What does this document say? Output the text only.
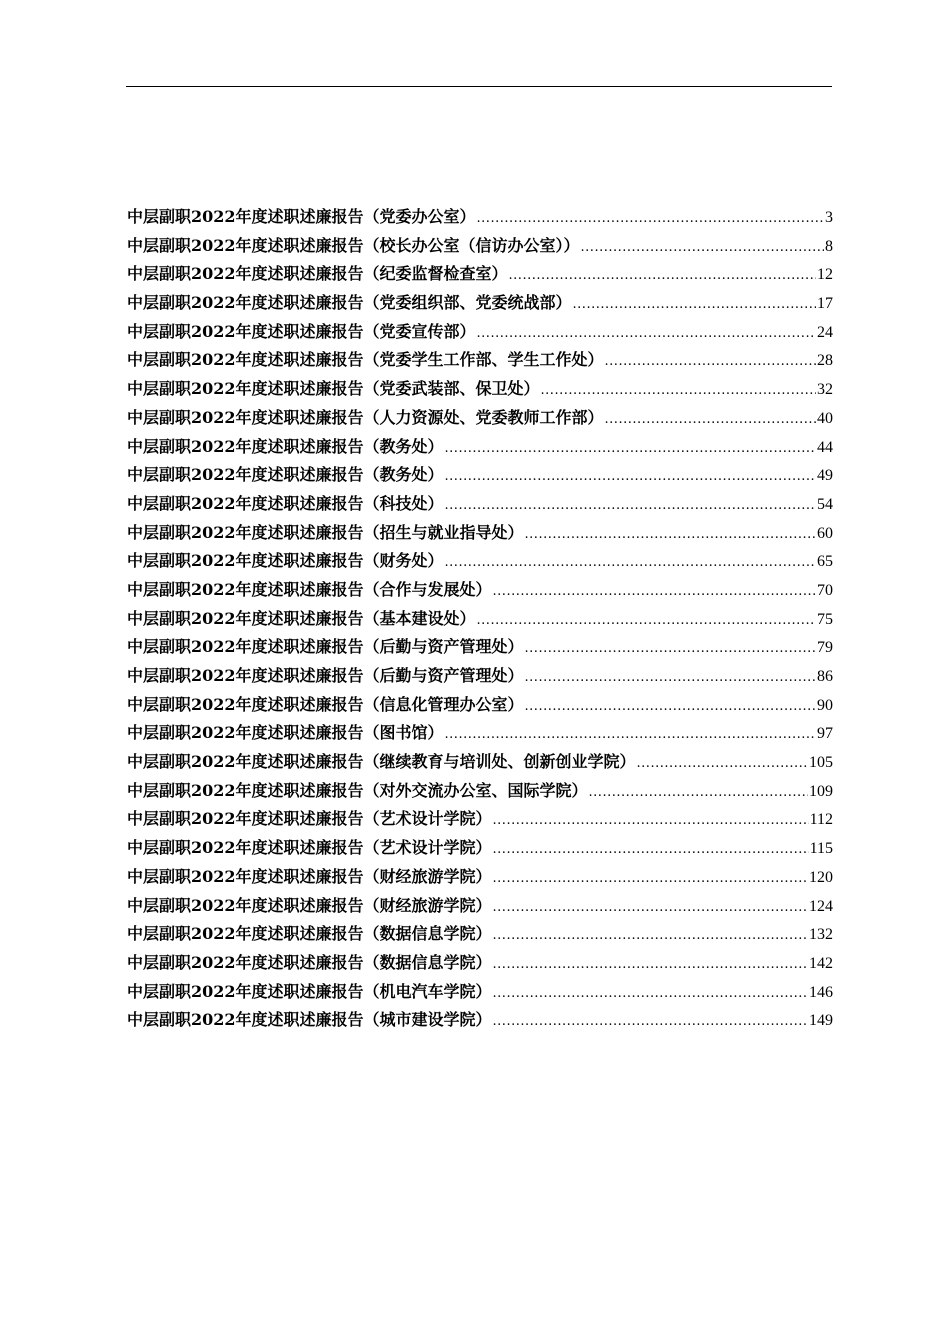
中层副职2022年度述职述廉报告（党委办公室） .....	3
中层副职2022年度述职述廉报告（校长办公室（信访办公室）） .....	8
中层副职2022年度述职述廉报告（纪委监督检查室） .....	12
中层副职2022年度述职述廉报告（党委组织部、党委统战部） .....	17
中层副职2022年度述职述廉报告（党委宣传部） .....	24
中层副职2022年度述职述廉报告（党委学生工作部、学生工作处） .....	28
中层副职2022年度述职述廉报告（党委武装部、保卫处） .....	32
中层副职2022年度述职述廉报告（人力资源处、党委教师工作部） .....	40
中层副职2022年度述职述廉报告（教务处） .....	44
中层副职2022年度述职述廉报告（教务处） .....	49
中层副职2022年度述职述廉报告（科技处） .....	54
中层副职2022年度述职述廉报告（招生与就业指导处） .....	60
中层副职2022年度述职述廉报告（财务处） .....	65
中层副职2022年度述职述廉报告（合作与发展处） .....	70
中层副职2022年度述职述廉报告（基本建设处） .....	75
中层副职2022年度述职述廉报告（后勤与资产管理处） .....	79
中层副职2022年度述职述廉报告（后勤与资产管理处） .....	86
中层副职2022年度述职述廉报告（信息化管理办公室） .....	90
中层副职2022年度述职述廉报告（图书馆） .....	97
中层副职2022年度述职述廉报告（继续教育与培训处、创新创业学院） .....	105
中层副职2022年度述职述廉报告（对外交流办公室、国际学院） .....	109
中层副职2022年度述职述廉报告（艺术设计学院） .....	112
中层副职2022年度述职述廉报告（艺术设计学院） .....	115
中层副职2022年度述职述廉报告（财经旅游学院） .....	120
中层副职2022年度述职述廉报告（财经旅游学院） .....	124
中层副职2022年度述职述廉报告（数据信息学院） .....	132
中层副职2022年度述职述廉报告（数据信息学院） .....	142
中层副职2022年度述职述廉报告（机电汽车学院） .....	146
中层副职2022年度述职述廉报告（城市建设学院） .....	149
